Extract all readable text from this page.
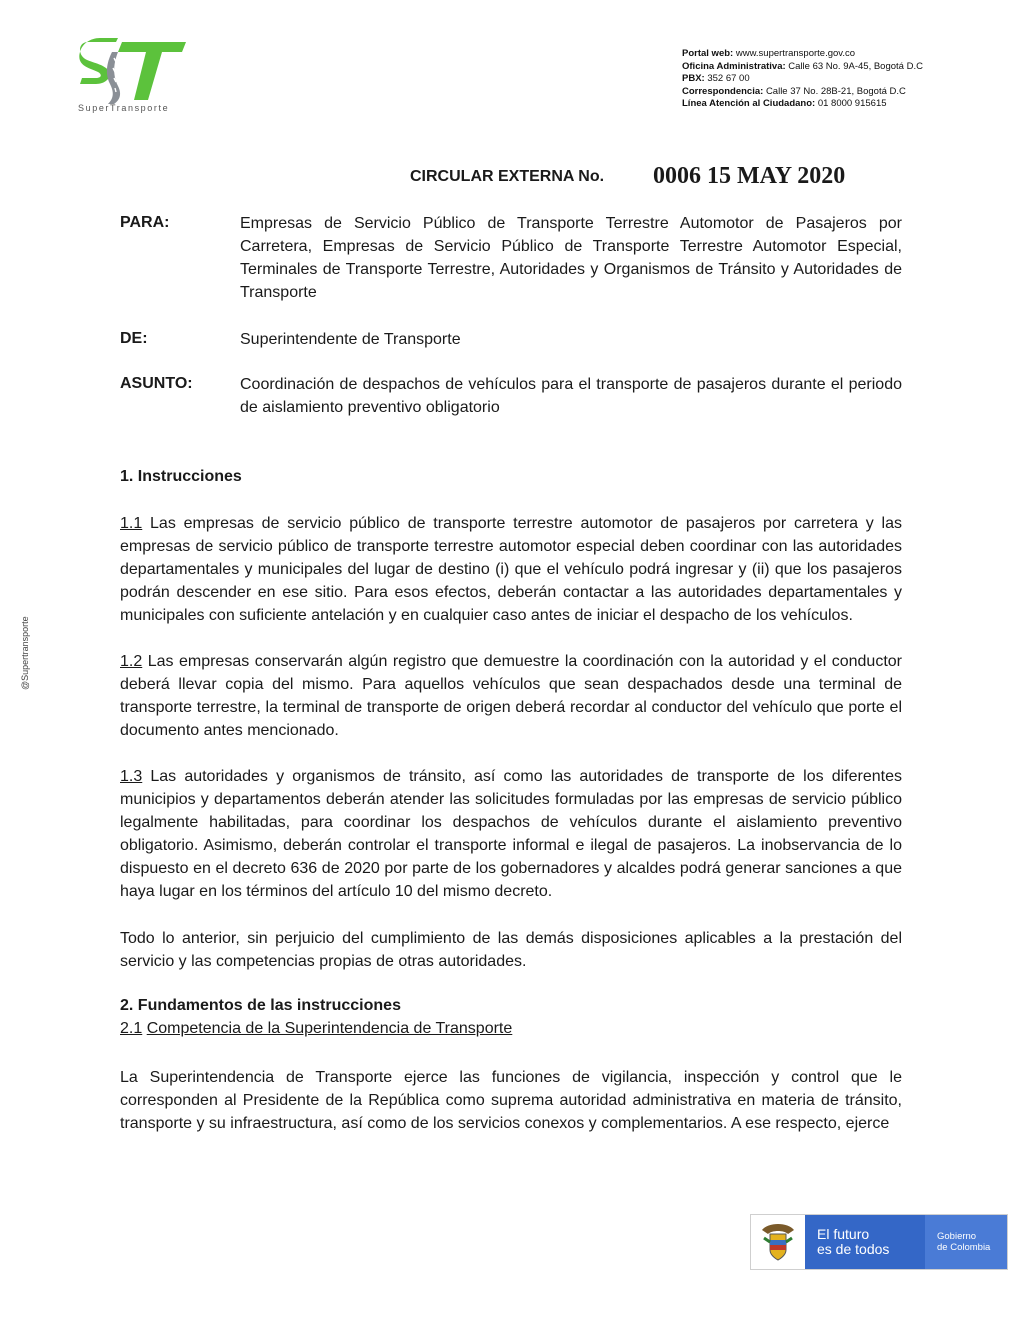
SuperTransporte
Portal web: www.supertransporte.gov.co
Oficina Administrativa: Calle 63 No. 9A-45, Bogotá D.C
PBX: 352 67 00
Correspondencia: Calle 37 No. 28B-21, Bogotá D.C
Línea Atención al Ciudadano: 01 8000 915615
CIRCULAR EXTERNA No. 0006 15 MAY 2020
PARA:	Empresas de Servicio Público de Transporte Terrestre Automotor de Pasajeros por Carretera, Empresas de Servicio Público de Transporte Terrestre Automotor Especial, Terminales de Transporte Terrestre, Autoridades y Organismos de Tránsito y Autoridades de Transporte
DE:	Superintendente de Transporte
ASUNTO:	Coordinación de despachos de vehículos para el transporte de pasajeros durante el periodo de aislamiento preventivo obligatorio
1. Instrucciones
1.1 Las empresas de servicio público de transporte terrestre automotor de pasajeros por carretera y las empresas de servicio público de transporte terrestre automotor especial deben coordinar con las autoridades departamentales y municipales del lugar de destino (i) que el vehículo podrá ingresar y (ii) que los pasajeros podrán descender en ese sitio. Para esos efectos, deberán contactar a las autoridades departamentales y municipales con suficiente antelación y en cualquier caso antes de iniciar el despacho de los vehículos.
1.2 Las empresas conservarán algún registro que demuestre la coordinación con la autoridad y el conductor deberá llevar copia del mismo. Para aquellos vehículos que sean despachados desde una terminal de transporte terrestre, la terminal de transporte de origen deberá recordar al conductor del vehículo que porte el documento antes mencionado.
1.3 Las autoridades y organismos de tránsito, así como las autoridades de transporte de los diferentes municipios y departamentos deberán atender las solicitudes formuladas por las empresas de servicio público legalmente habilitadas, para coordinar los despachos de vehículos durante el aislamiento preventivo obligatorio. Asimismo, deberán controlar el transporte informal e ilegal de pasajeros. La inobservancia de lo dispuesto en el decreto 636 de 2020 por parte de los gobernadores y alcaldes podrá generar sanciones a que haya lugar en los términos del artículo 10 del mismo decreto.
Todo lo anterior, sin perjuicio del cumplimiento de las demás disposiciones aplicables a la prestación del servicio y las competencias propias de otras autoridades.
2. Fundamentos de las instrucciones
2.1 Competencia de la Superintendencia de Transporte
La Superintendencia de Transporte ejerce las funciones de vigilancia, inspección y control que le corresponden al Presidente de la República como suprema autoridad administrativa en materia de tránsito, transporte y su infraestructura, así como de los servicios conexos y complementarios. A ese respecto, ejerce
@Supertransporte
El futuro
es de todos
Gobierno
de Colombia
